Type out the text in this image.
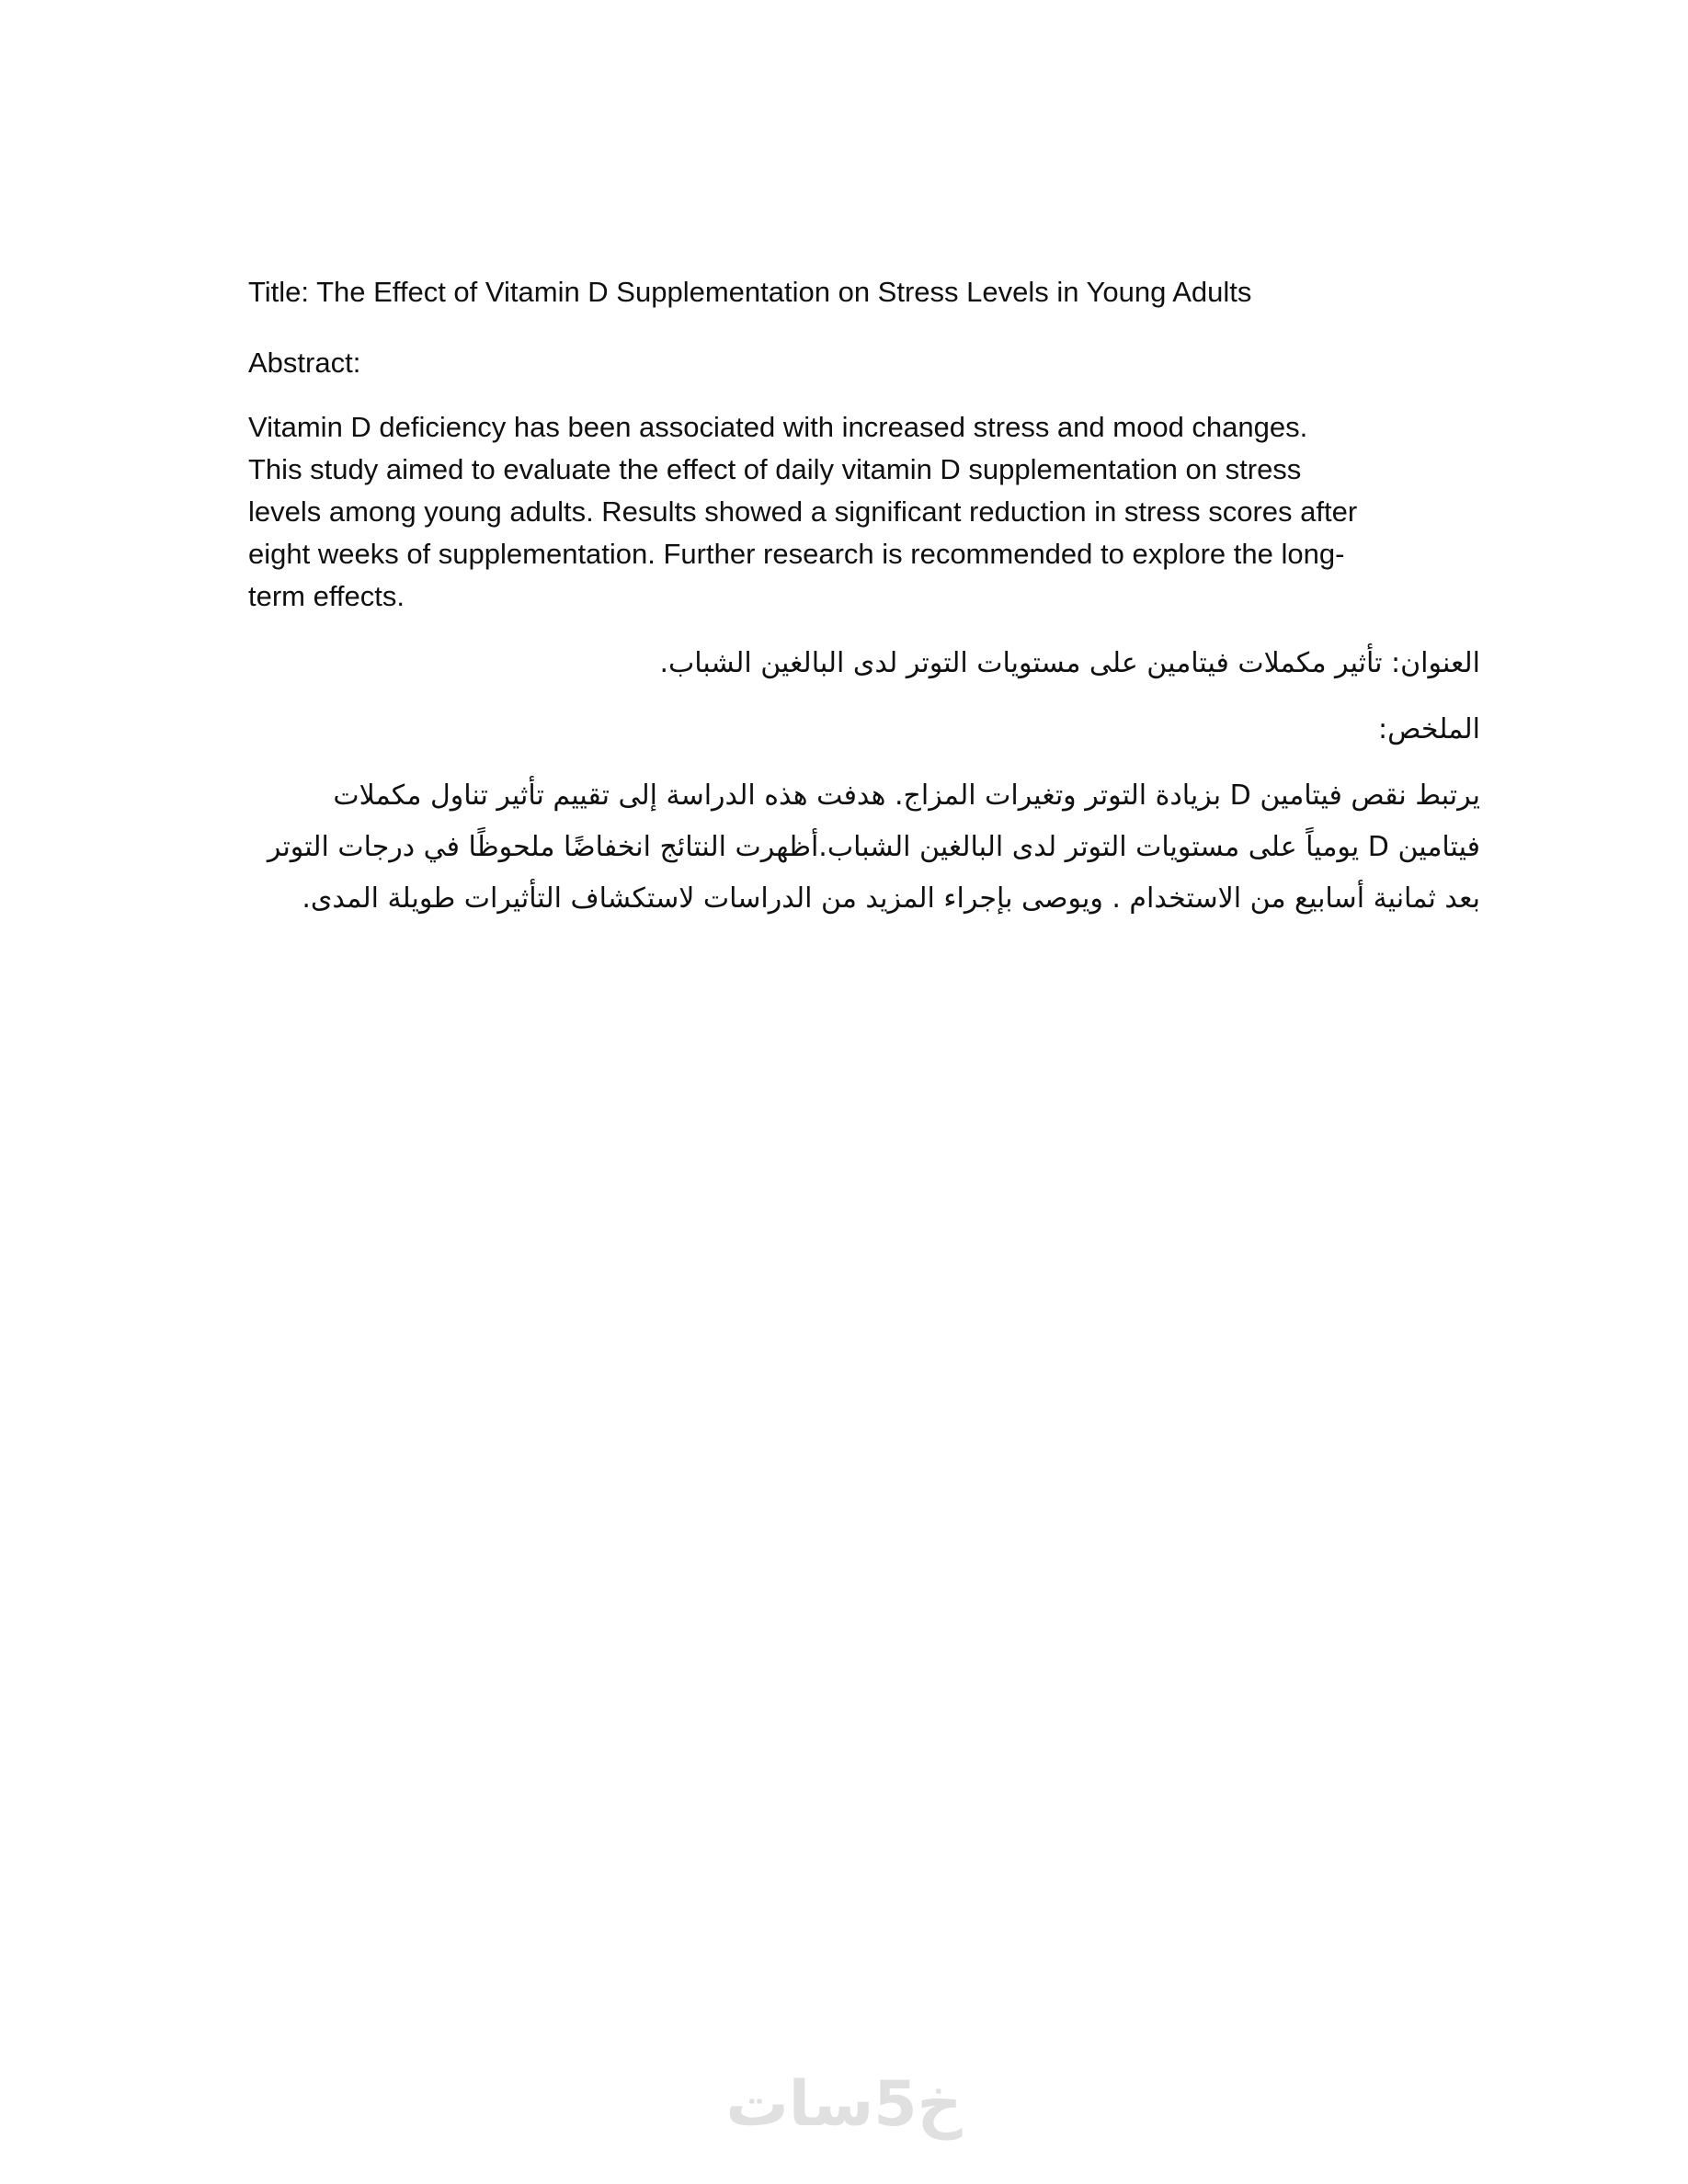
Title: The Effect of Vitamin D Supplementation on Stress Levels in Young Adults

Abstract:

Vitamin D deficiency has been associated with increased stress and mood changes.
This study aimed to evaluate the effect of daily vitamin D supplementation on stress
levels among young adults. Results showed a significant reduction in stress scores after
eight weeks of supplementation. Further research is recommended to explore the long-
term effects.

العنوان: تأثير مكملات فيتامين على مستويات التوتر لدى البالغين الشباب.

الملخص:

يرتبط نقص فيتامين D بزيادة التوتر وتغيرات المزاج. هدفت هذه الدراسة إلى تقييم تأثير تناول مكملات فيتامين D يومياً على مستويات التوتر لدى البالغين الشباب.أظهرت النتائج انخفاضًا ملحوظًا في درجات التوتر بعد ثمانية أسابيع من الاستخدام . ويوصى بإجراء المزيد من الدراسات لاستكشاف التأثيرات طويلة المدى.

خ5سات
